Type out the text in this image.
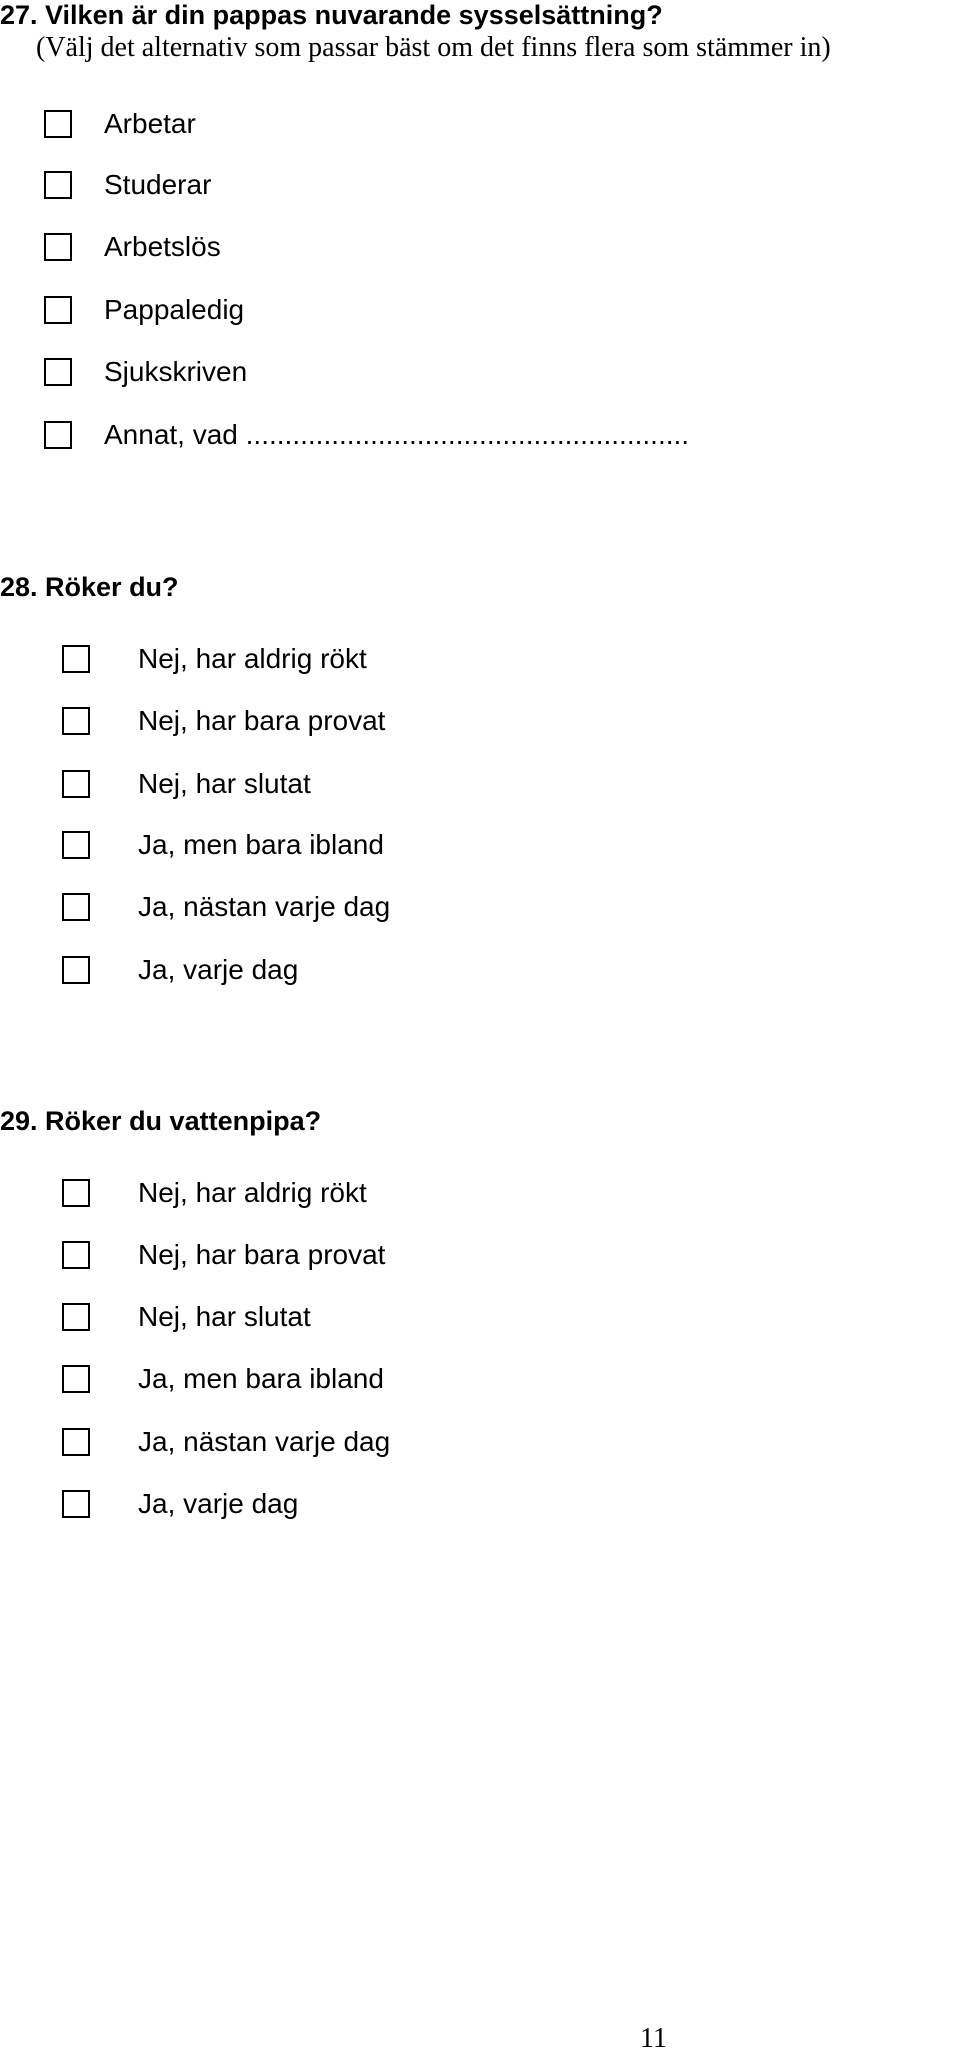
27. Vilken är din pappas nuvarande sysselsättning?
(Välj det alternativ som passar bäst om det finns flera som stämmer in)
Arbetar
Studerar
Arbetslös
Pappaledig
Sjukskriven
Annat, vad .........................................................
28. Röker du?
Nej, har aldrig rökt
Nej, har bara provat
Nej, har slutat
Ja, men bara ibland
Ja, nästan varje dag
Ja, varje dag
29. Röker du vattenpipa?
Nej, har aldrig rökt
Nej, har bara provat
Nej, har slutat
Ja, men bara ibland
Ja, nästan varje dag
Ja, varje dag
11
